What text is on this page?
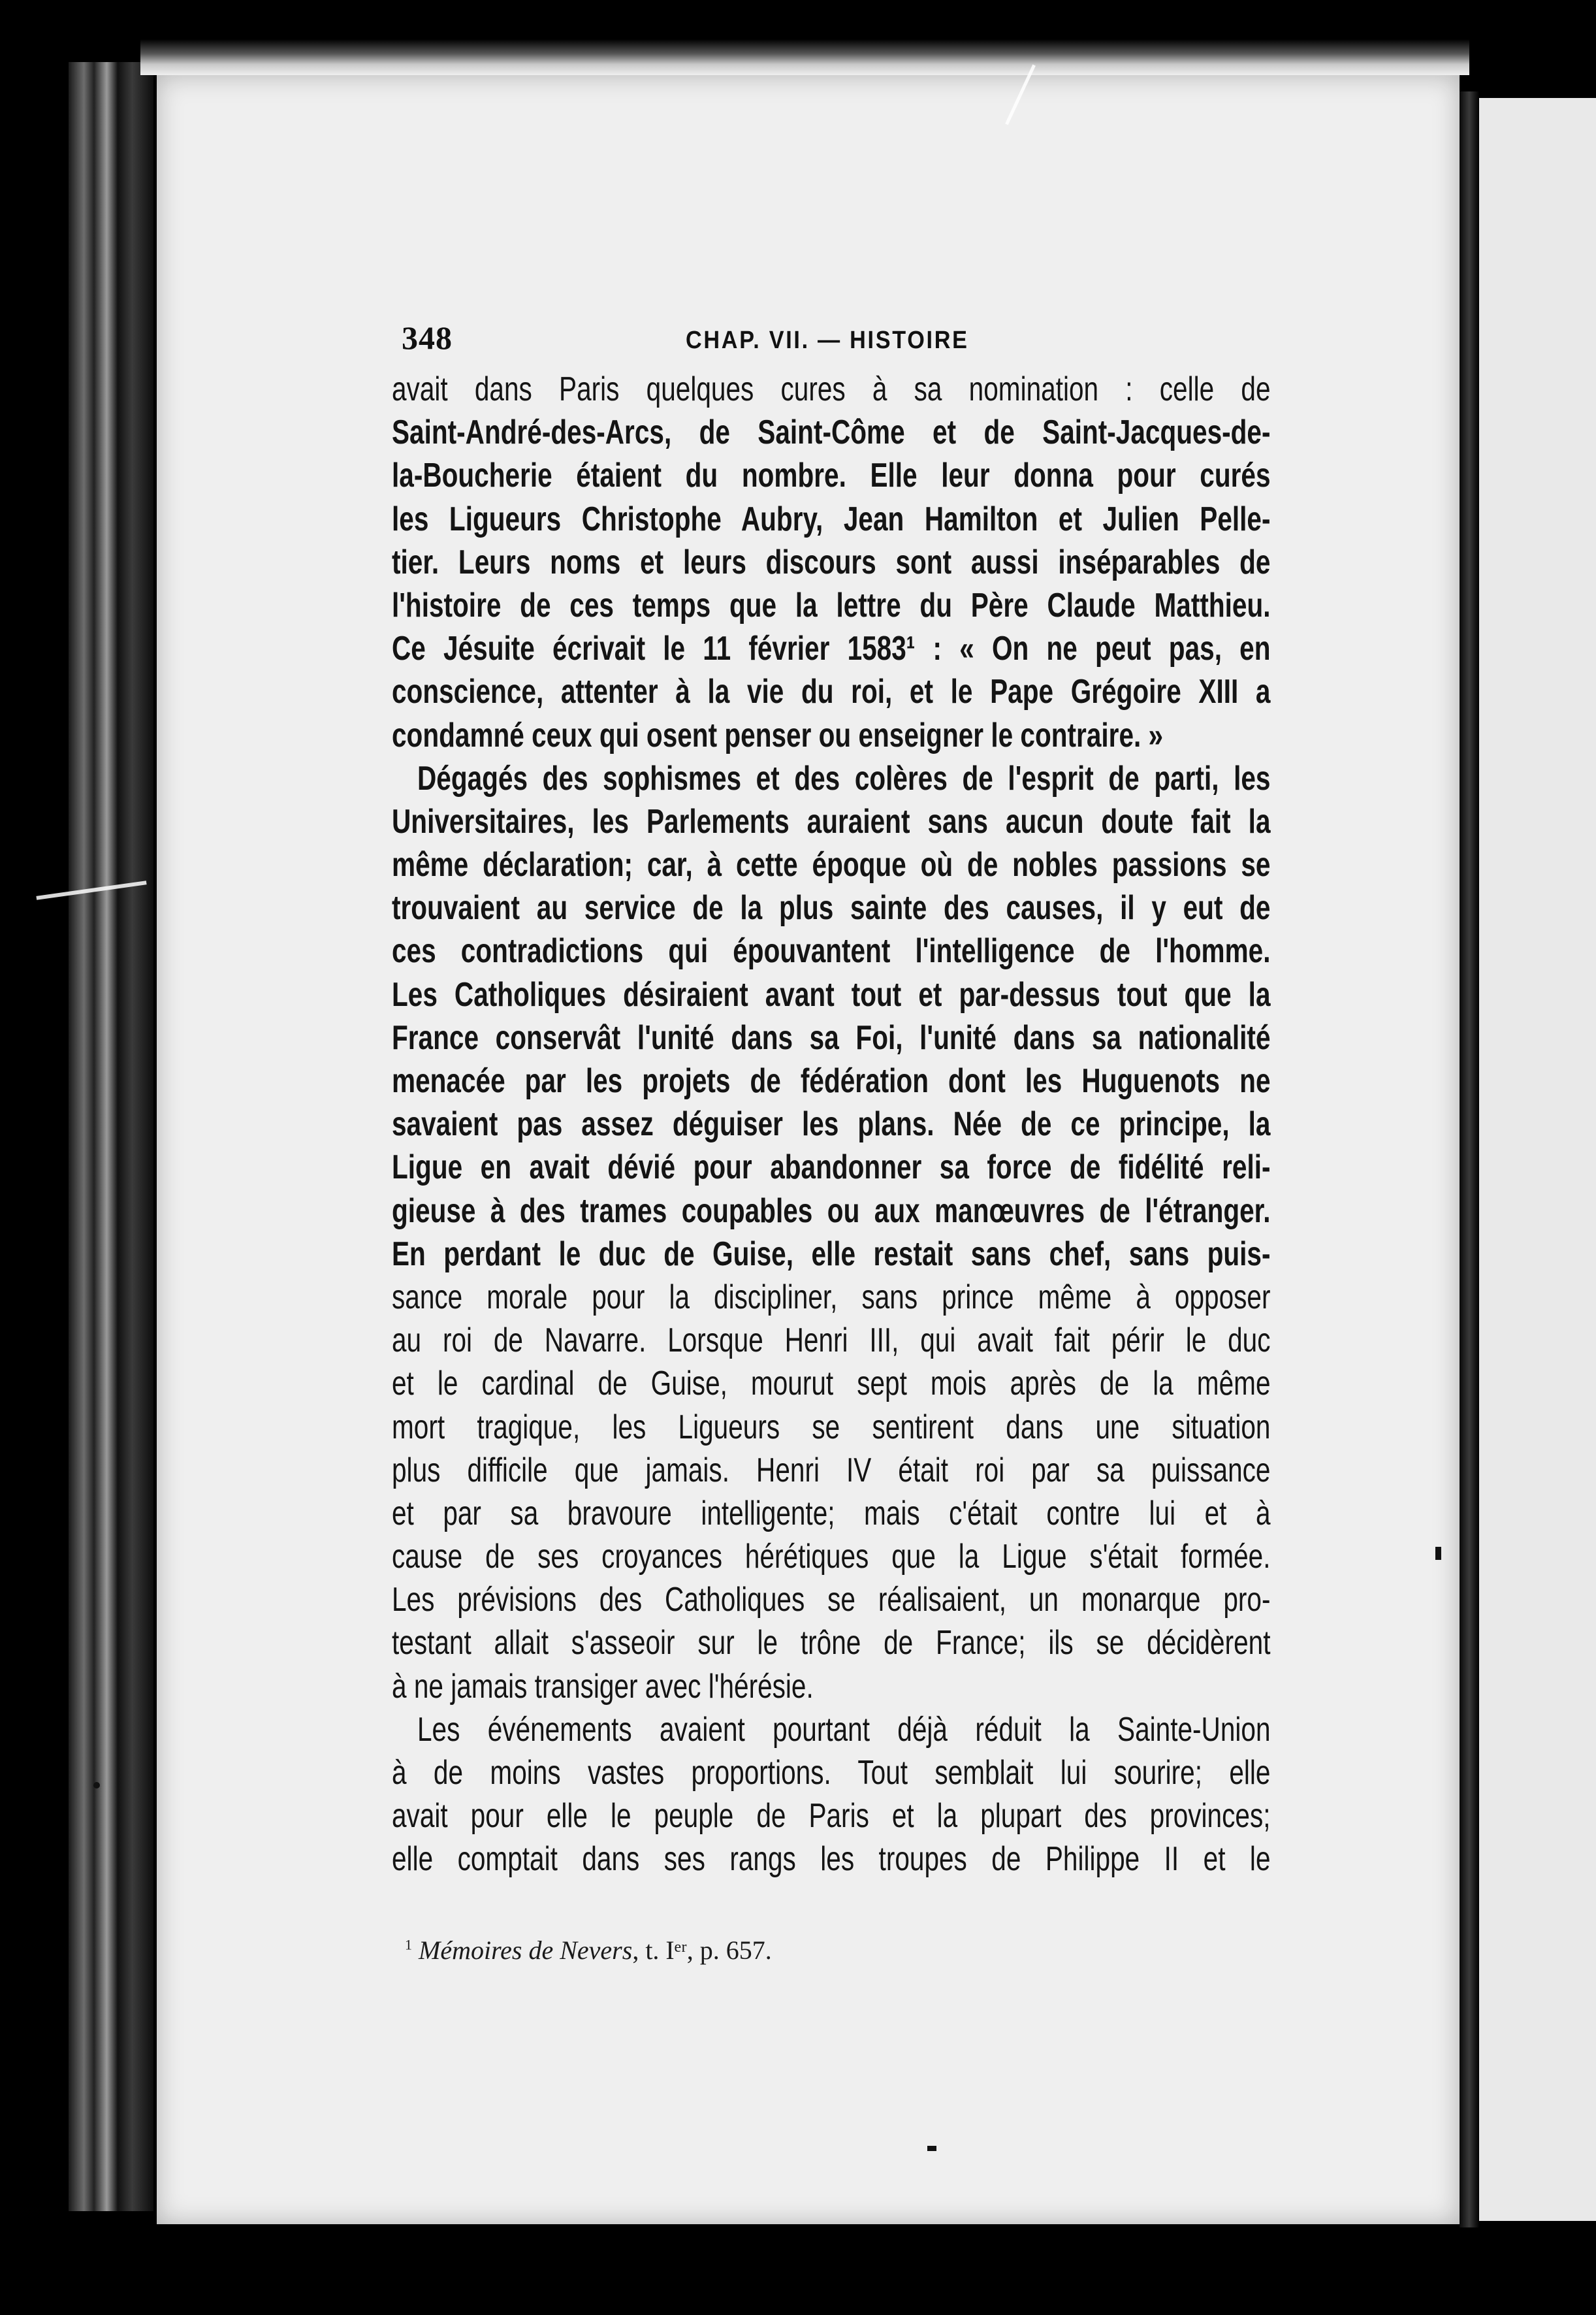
348	CHAP. VII. — HISTOIRE
avait dans Paris quelques cures à sa nomination : celle de
Saint-André-des-Arcs, de Saint-Côme et de Saint-Jacques-de-
la-Boucherie étaient du nombre. Elle leur donna pour curés
les Ligueurs Christophe Aubry, Jean Hamilton et Julien Pelle-
tier. Leurs noms et leurs discours sont aussi inséparables de
l'histoire de ces temps que la lettre du Père Claude Matthieu.
Ce Jésuite écrivait le 11 février 1583¹ : « On ne peut pas, en
conscience, attenter à la vie du roi, et le Pape Grégoire XIII a
condamné ceux qui osent penser ou enseigner le contraire. »
Dégagés des sophismes et des colères de l'esprit de parti, les
Universitaires, les Parlements auraient sans aucun doute fait la
même déclaration; car, à cette époque où de nobles passions se
trouvaient au service de la plus sainte des causes, il y eut de
ces contradictions qui épouvantent l'intelligence de l'homme.
Les Catholiques désiraient avant tout et par-dessus tout que la
France conservât l'unité dans sa Foi, l'unité dans sa nationalité
menacée par les projets de fédération dont les Huguenots ne
savaient pas assez déguiser les plans. Née de ce principe, la
Ligue en avait dévié pour abandonner sa force de fidélité reli-
gieuse à des trames coupables ou aux manœuvres de l'étranger.
En perdant le duc de Guise, elle restait sans chef, sans puis-
sance morale pour la discipliner, sans prince même à opposer
au roi de Navarre. Lorsque Henri III, qui avait fait périr le duc
et le cardinal de Guise, mourut sept mois après de la même
mort tragique, les Ligueurs se sentirent dans une situation
plus difficile que jamais. Henri IV était roi par sa puissance
et par sa bravoure intelligente; mais c'était contre lui et à
cause de ses croyances hérétiques que la Ligue s'était formée.
Les prévisions des Catholiques se réalisaient, un monarque pro-
testant allait s'asseoir sur le trône de France; ils se décidèrent
à ne jamais transiger avec l'hérésie.
Les événements avaient pourtant déjà réduit la Sainte-Union
à de moins vastes proportions. Tout semblait lui sourire; elle
avait pour elle le peuple de Paris et la plupart des provinces;
elle comptait dans ses rangs les troupes de Philippe II et le
$^1$ Mémoires de Nevers, t. Iᵉʳ, p. 657.
